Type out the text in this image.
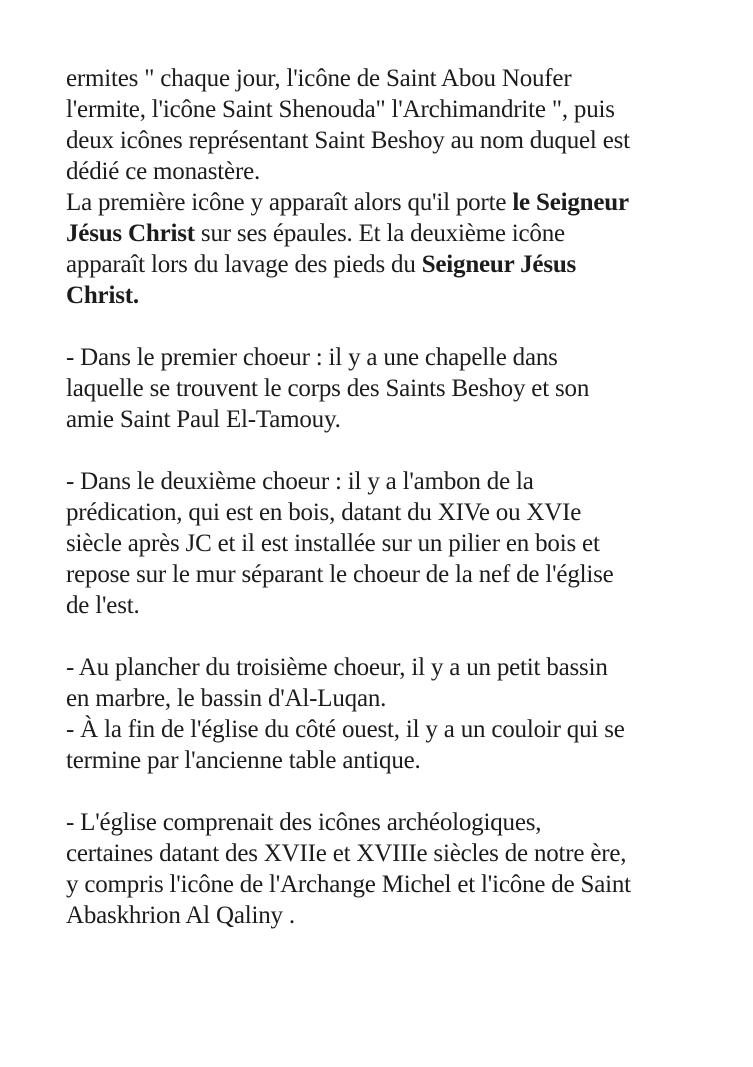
ermites " chaque jour, l'icône de Saint Abou Noufer
l'ermite, l'icône Saint Shenouda" l'Archimandrite ", puis
deux icônes représentant Saint Beshoy au nom duquel est
dédié ce monastère.
La première icône y apparaît alors qu'il porte le Seigneur
Jésus Christ sur ses épaules. Et la deuxième icône
apparaît lors du lavage des pieds du Seigneur Jésus
Christ.
- Dans le premier choeur : il y a une chapelle dans
laquelle se trouvent le corps des Saints Beshoy et son
amie Saint Paul El-Tamouy.
- Dans le deuxième choeur : il y a l'ambon de la
prédication, qui est en bois, datant du XIVe ou XVIe
siècle après JC et il est installée sur un pilier en bois et
repose sur le mur séparant le choeur de la nef de l'église
de l'est.
- Au plancher du troisième choeur, il y a un petit bassin
en marbre, le bassin d'Al-Luqan.
- À la fin de l'église du côté ouest, il y a un couloir qui se
termine par l'ancienne table antique.
- L'église comprenait des icônes archéologiques,
certaines datant des XVIIe et XVIIIe siècles de notre ère,
y compris l'icône de l'Archange Michel et l'icône de Saint
Abaskhrion Al Qaliny .
